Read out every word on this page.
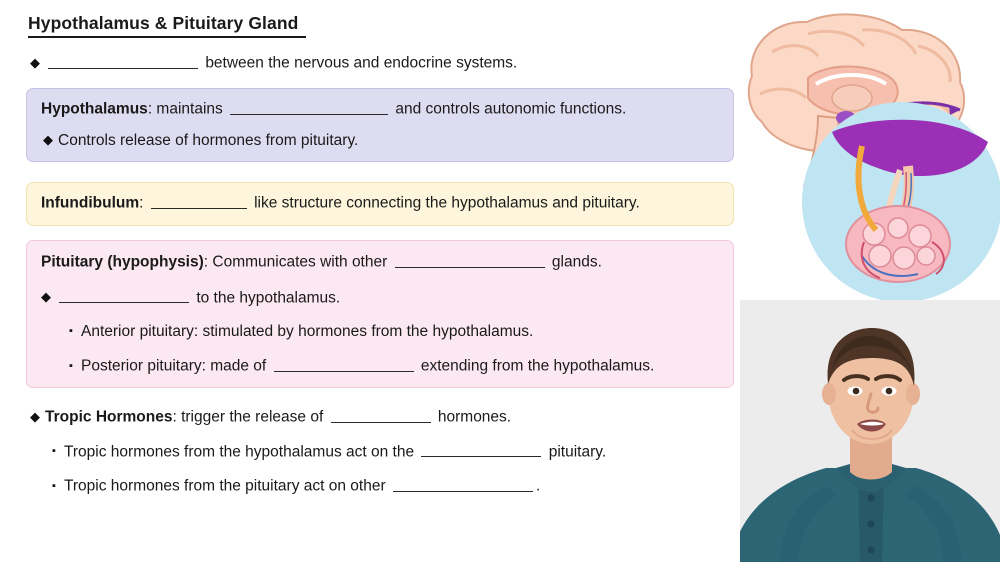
Hypothalamus & Pituitary Gland
◆	between the nervous and endocrine systems.
Hypothalamus: maintains	and controls autonomic functions.
◆ Controls release of hormones from pituitary.
Infundibulum:	like structure connecting the hypothalamus and pituitary.
Pituitary (hypophysis): Communicates with other	glands.
◆	to the hypothalamus.
▪ Anterior pituitary: stimulated by hormones from the hypothalamus.
▪ Posterior pituitary: made of	extending from the hypothalamus.
◆ Tropic Hormones: trigger the release of	hormones.
▪ Tropic hormones from the hypothalamus act on the	pituitary.
▪ Tropic hormones from the pituitary act on other	.
